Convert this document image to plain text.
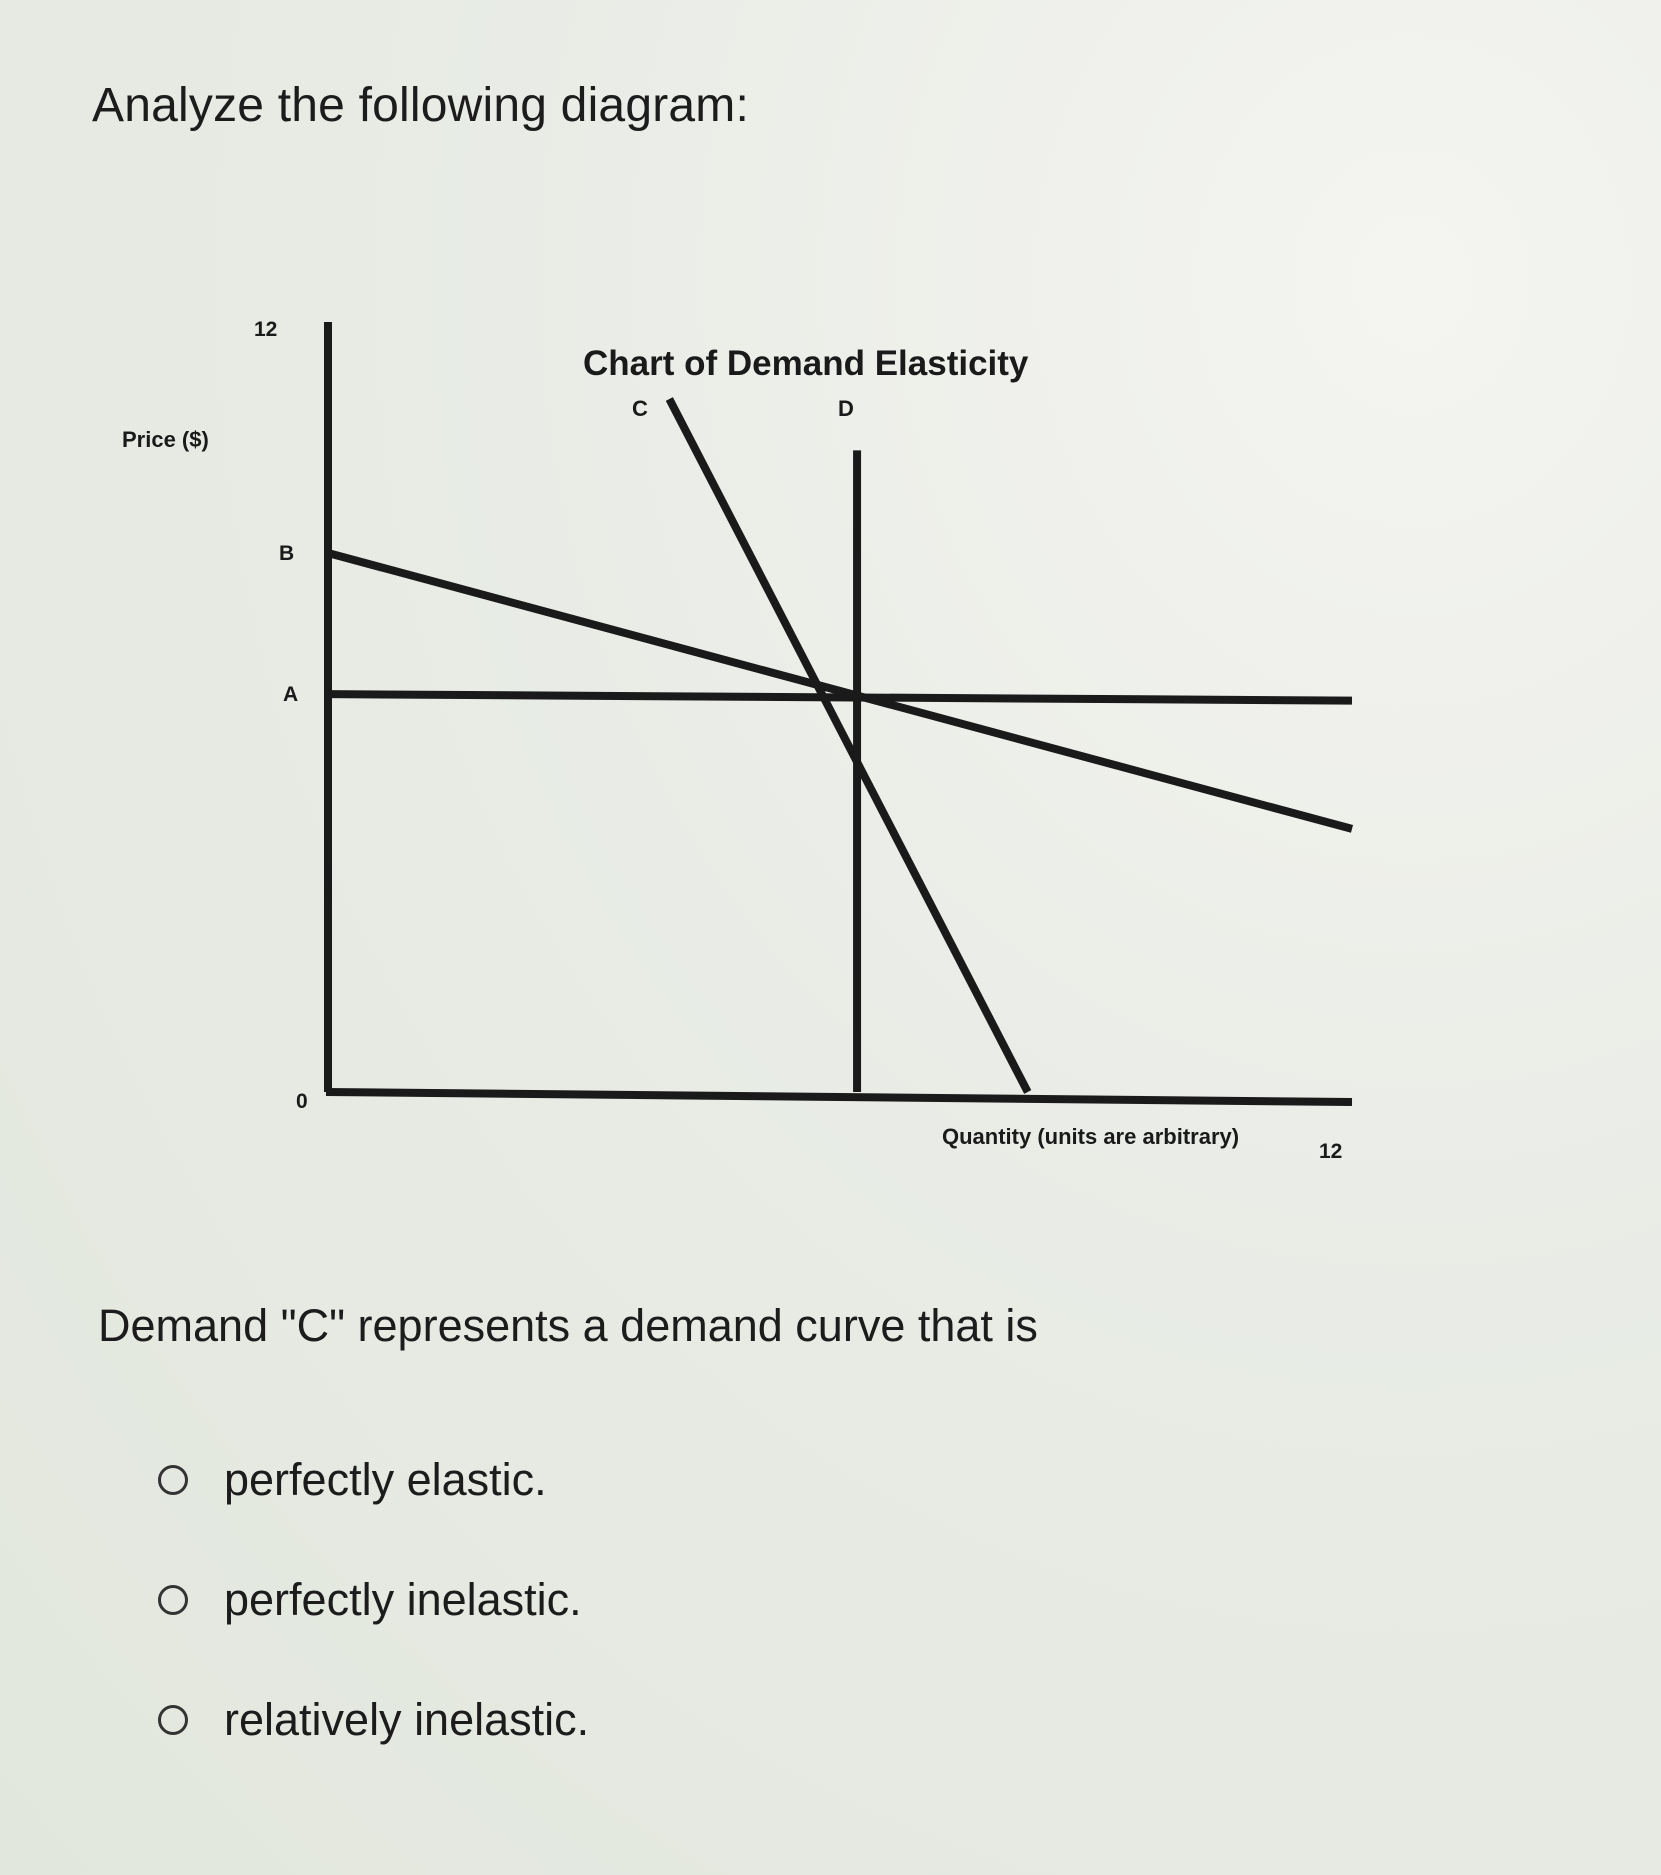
Analyze the following diagram:
Chart of Demand Elasticity
Price ($)
Quantity (units are arbitrary)
12
B
A
0
12
C	D

Demand "C" represents a demand curve that is

perfectly elastic.
perfectly inelastic.
relatively inelastic.
